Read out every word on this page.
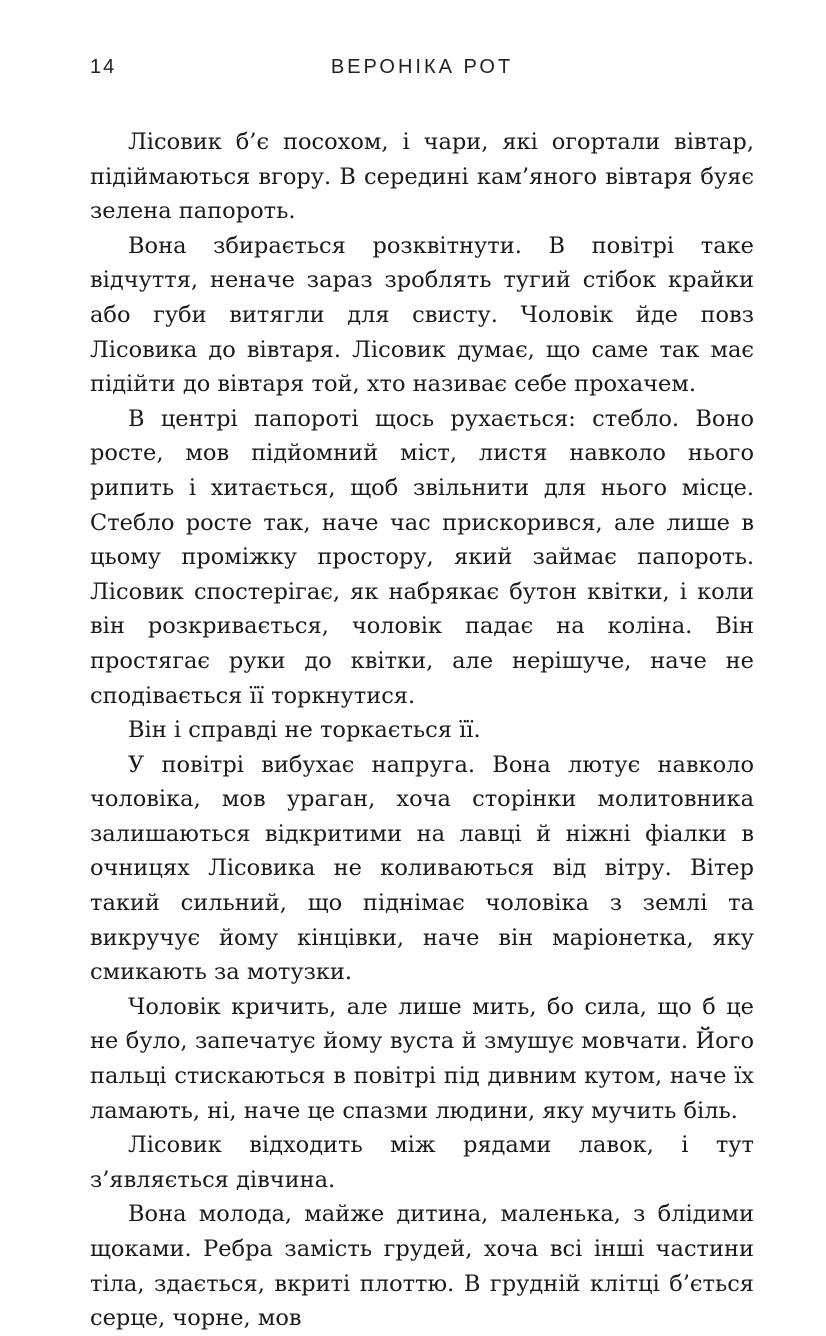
14	ВЕРОНІКА РОТ

Лісовик б’є посохом, і чари, які огортали вівтар, підіймаються вгору. В середині кам’яного вівтаря буяє зелена папороть.

Вона збирається розквітнути. В повітрі таке відчуття, неначе зараз зроблять тугий стібок крайки або губи витягли для свисту. Чоловік йде повз Лісовика до вівтаря. Лісовик думає, що саме так має підійти до вівтаря той, хто називає себе прохачем.

В центрі папороті щось рухається: стебло. Воно росте, мов підйомний міст, листя навколо нього рипить і хитається, щоб звільнити для нього місце. Стебло росте так, наче час прискорився, але лише в цьому проміжку простору, який займає папороть. Лісовик спостерігає, як набрякає бутон квітки, і коли він розкривається, чоловік падає на коліна. Він простягає руки до квітки, але нерішуче, наче не сподівається її торкнутися.

Він і справді не торкається її.

У повітрі вибухає напруга. Вона лютує навколо чоловіка, мов ураган, хоча сторінки молитовника залишаються відкритими на лавці й ніжні фіалки в очницях Лісовика не коливаються від вітру. Вітер такий сильний, що піднімає чоловіка з землі та викручує йому кінцівки, наче він маріонетка, яку смикають за мотузки.

Чоловік кричить, але лише мить, бо сила, що б це не було, запечатує йому вуста й змушує мовчати. Його пальці стискаються в повітрі під дивним кутом, наче їх ламають, ні, наче це спазми людини, яку мучить біль.

Лісовик відходить між рядами лавок, і тут з’являється дівчина.

Вона молода, майже дитина, маленька, з блідими щоками. Ребра замість грудей, хоча всі інші частини тіла, здається, вкриті плоттю. В грудній клітці б’ється серце, чорне, мов
